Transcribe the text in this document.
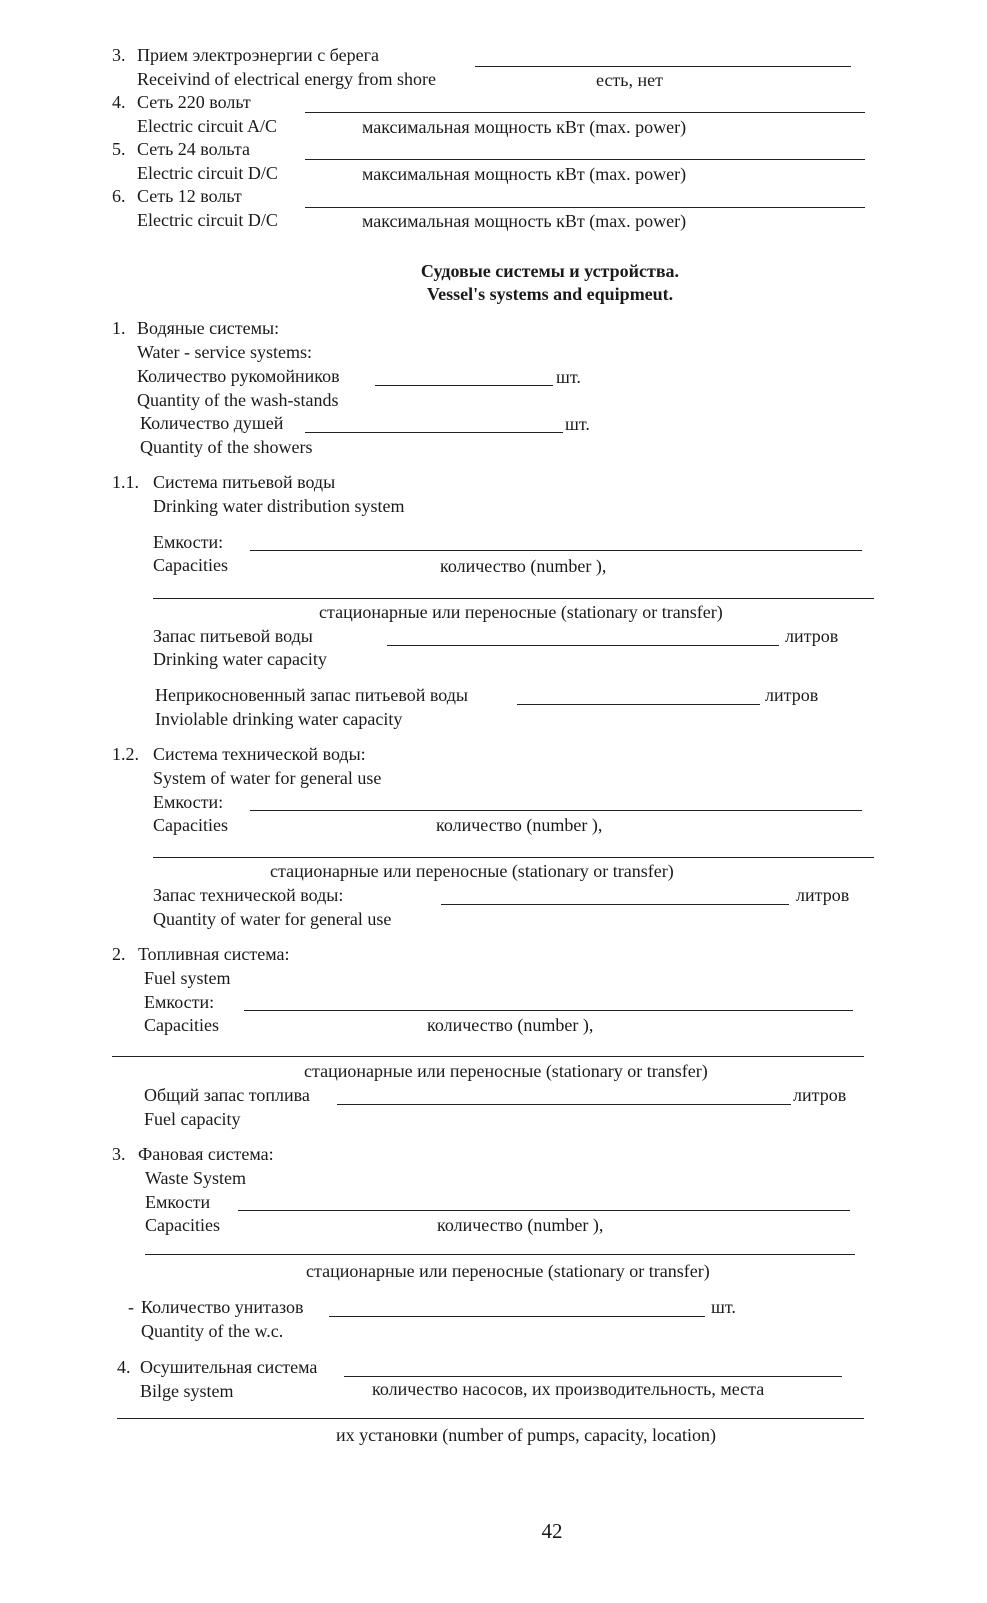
3. Прием электроэнергии с берега
Receivind of electrical energy from shore	есть, нет
4. Сеть 220 вольт
Electric circuit A/C	максимальная мощность кВт (max. power)
5. Сеть 24 вольта
Electric circuit D/C	максимальная мощность кВт (max. power)
6. Сеть 12 вольт
Electric circuit D/C	максимальная мощность кВт (max. power)
Судовые системы и устройства.
Vessel's systems and equipmeut.
1. Водяные системы:
Water - service systems:
Количество рукомойников	шт.
Quantity of the wash-stands
Количество душей	шт.
Quantity of the showers
1.1. Система питьевой воды
Drinking water distribution system
Емкости:
Capacities	количество (number ),
стационарные или переносные (stationary or transfer)
Запас питьевой воды	литров
Drinking water capacity
Неприкосновенный запас питьевой воды	литров
Inviolable drinking water capacity
1.2. Система технической воды:
System of water for general use
Емкости:
Capacities	количество (number ),
стационарные или переносные (stationary or transfer)
Запас технической воды:	литров
Quantity of water for general use
2. Топливная система:
Fuel system
Емкости:
Capacities	количество (number ),
стационарные или переносные (stationary or transfer)
Общий запас топлива	литров
Fuel capacity
3. Фановая система:
Waste System
Емкости
Capacities	количество (number ),
стационарные или переносные (stationary or transfer)
- Количество унитазов	шт.
Quantity of the w.c.
4. Осушительная система
Bilge system	количество насосов, их производительность, места
их установки (number of pumps, capacity, location)
42
